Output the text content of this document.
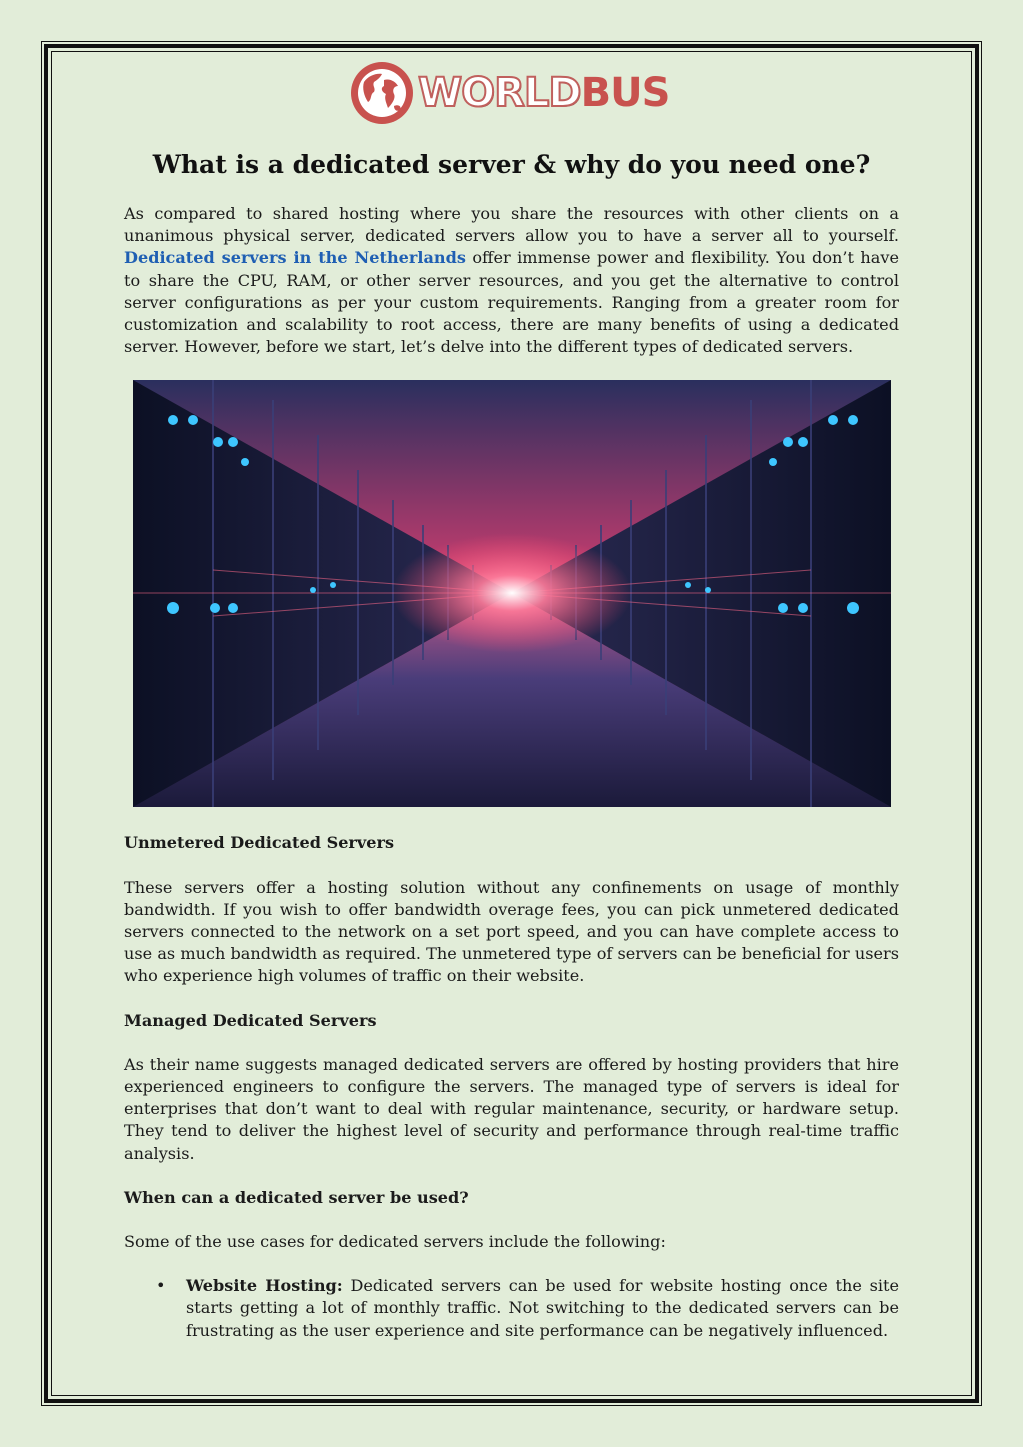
WORLDBUS
What is a dedicated server & why do you need one?

As compared to shared hosting where you share the resources with other clients on a unanimous physical server, dedicated servers allow you to have a server all to yourself. Dedicated servers in the Netherlands offer immense power and flexibility. You don’t have to share the CPU, RAM, or other server resources, and you get the alternative to control server configurations as per your custom requirements. Ranging from a greater room for customization and scalability to root access, there are many benefits of using a dedicated server. However, before we start, let’s delve into the different types of dedicated servers.

Unmetered Dedicated Servers

These servers offer a hosting solution without any confinements on usage of monthly bandwidth. If you wish to offer bandwidth overage fees, you can pick unmetered dedicated servers connected to the network on a set port speed, and you can have complete access to use as much bandwidth as required. The unmetered type of servers can be beneficial for users who experience high volumes of traffic on their website.

Managed Dedicated Servers

As their name suggests managed dedicated servers are offered by hosting providers that hire experienced engineers to configure the servers. The managed type of servers is ideal for enterprises that don’t want to deal with regular maintenance, security, or hardware setup. They tend to deliver the highest level of security and performance through real-time traffic analysis.

When can a dedicated server be used?

Some of the use cases for dedicated servers include the following:

• Website Hosting: Dedicated servers can be used for website hosting once the site starts getting a lot of monthly traffic. Not switching to the dedicated servers can be frustrating as the user experience and site performance can be negatively influenced.
